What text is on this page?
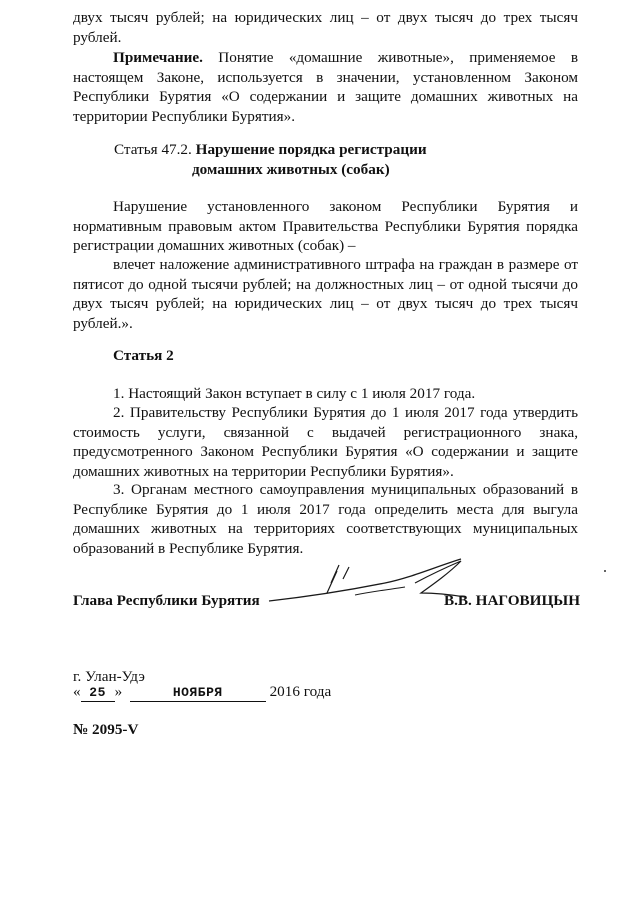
двух тысяч рублей; на юридических лиц – от двух тысяч до трех тысяч рублей.

Примечание. Понятие «домашние животные», применяемое в настоящем Законе, используется в значении, установленном Законом Республики Бурятия «О содержании и защите домашних животных на территории Республики Бурятия».

Статья 47.2. Нарушение порядка регистрации
домашних животных (собак)

Нарушение установленного законом Республики Бурятия и нормативным правовым актом Правительства Республики Бурятия порядка регистрации домашних животных (собак) –

влечет наложение административного штрафа на граждан в размере от пятисот до одной тысячи рублей; на должностных лиц – от одной тысячи до двух тысяч рублей; на юридических лиц – от двух тысяч до трех тысяч рублей.».

Статья 2

1. Настоящий Закон вступает в силу с 1 июля 2017 года.

2. Правительству Республики Бурятия до 1 июля 2017 года утвердить стоимость услуги, связанной с выдачей регистрационного знака, предусмотренного Законом Республики Бурятия «О содержании и защите домашних животных на территории Республики Бурятия».

3. Органам местного самоуправления муниципальных образований в Республике Бурятия до 1 июля 2017 года определить места для выгула домашних животных на территориях соответствующих муниципальных образований в Республике Бурятия.

Глава Республики Бурятия	В.В. НАГОВИЦЫН
г. Улан-Удэ
« 25 »	НОЯБРЯ	2016 года
№ 2095-V
